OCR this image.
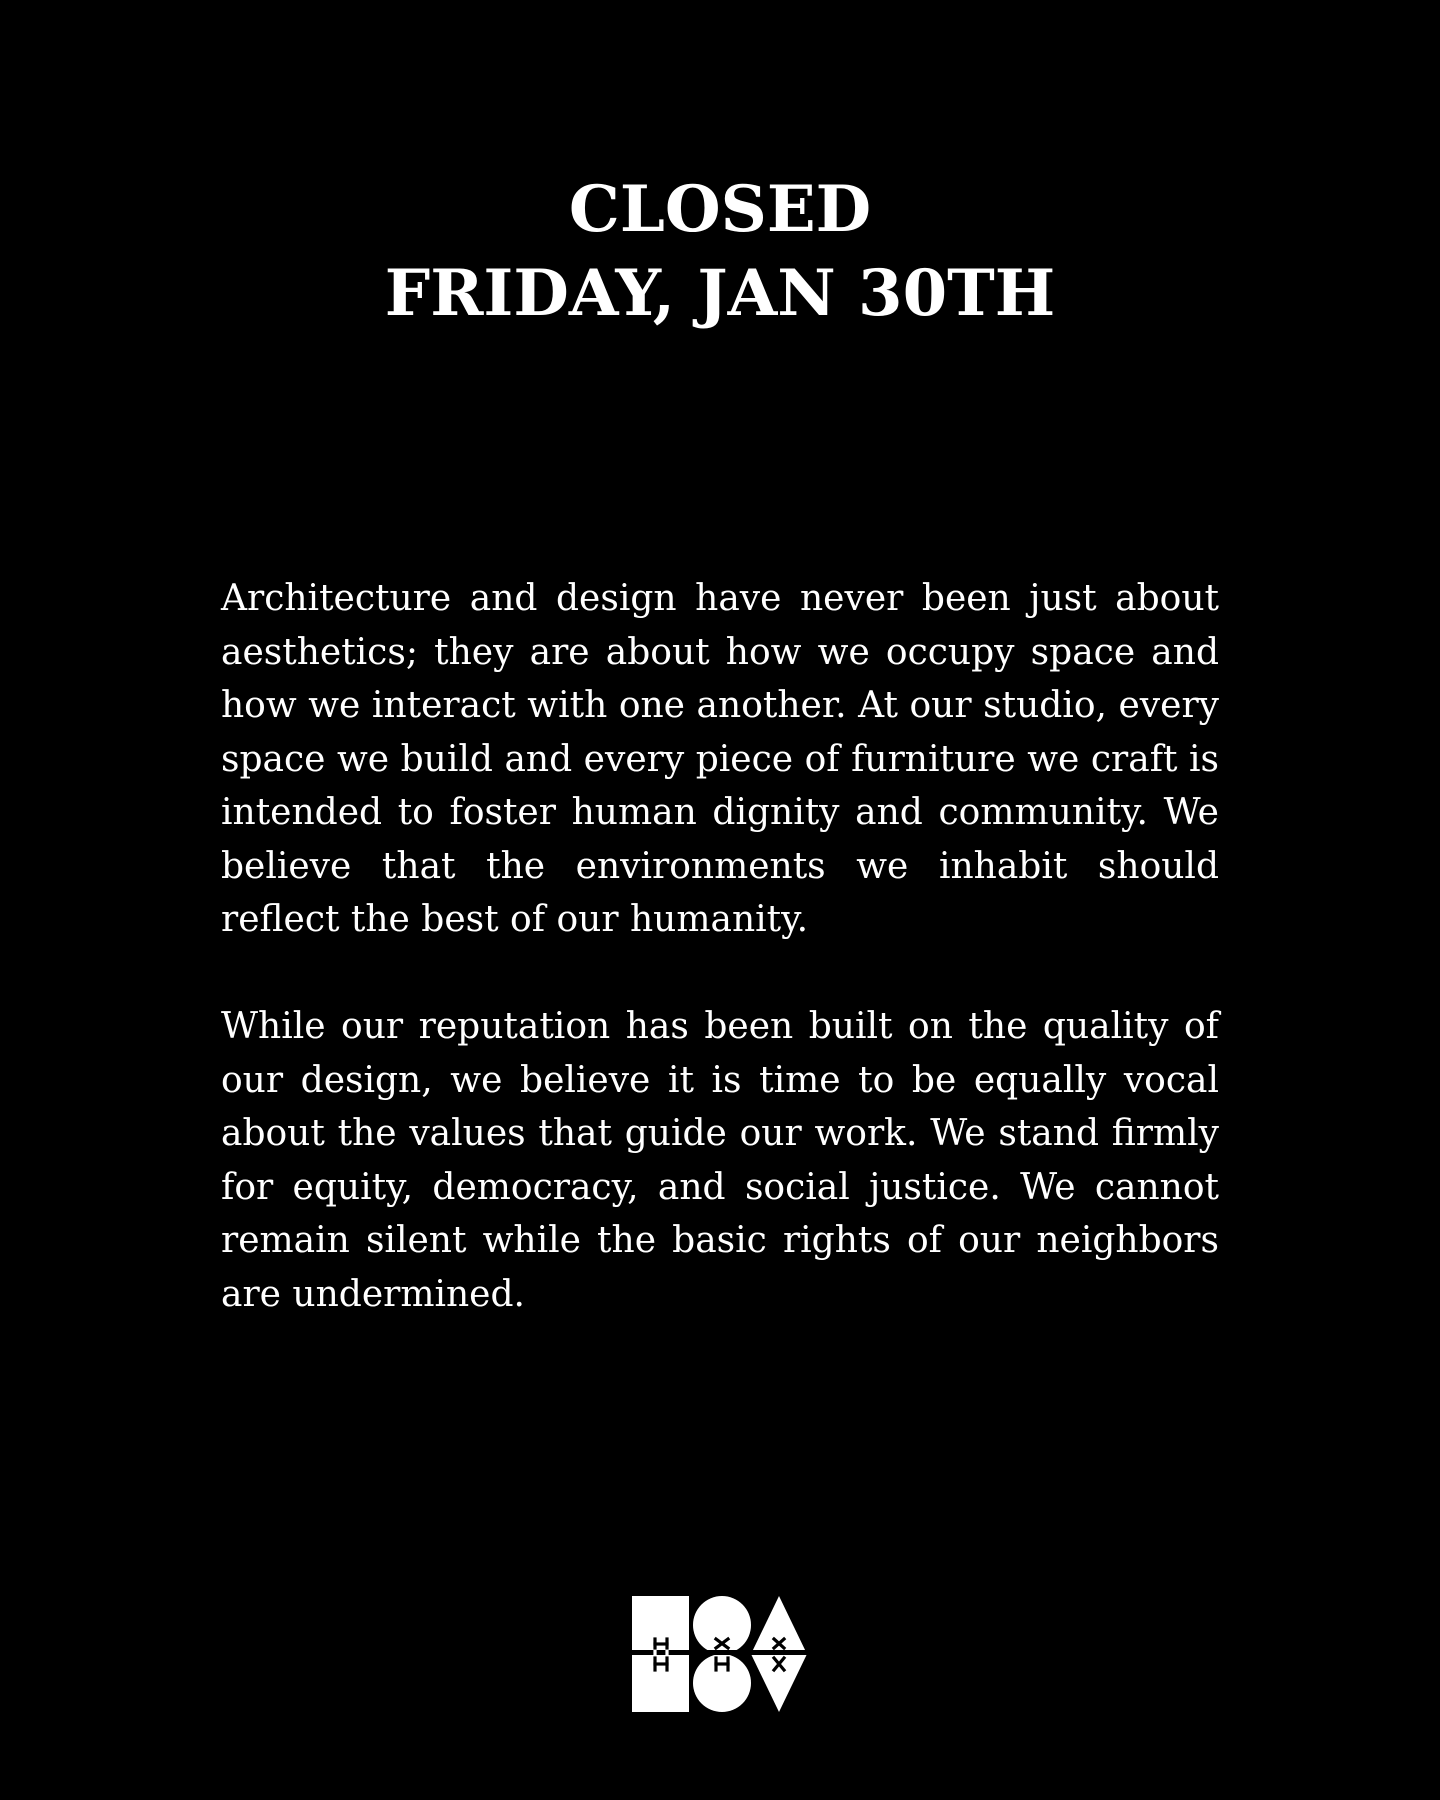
CLOSED
FRIDAY, JAN 30TH

Architecture and design have never been just about aesthetics; they are about how we occupy space and how we interact with one another. At our studio, every space we build and every piece of furniture we craft is intended to foster human dignity and community. We believe that the environments we inhabit should reflect the best of our humanity.

While our reputation has been built on the quality of our design, we believe it is time to be equally vocal about the values that guide our work. We stand firmly for equity, democracy, and social justice. We cannot remain silent while the basic rights of our neighbors are undermined.
